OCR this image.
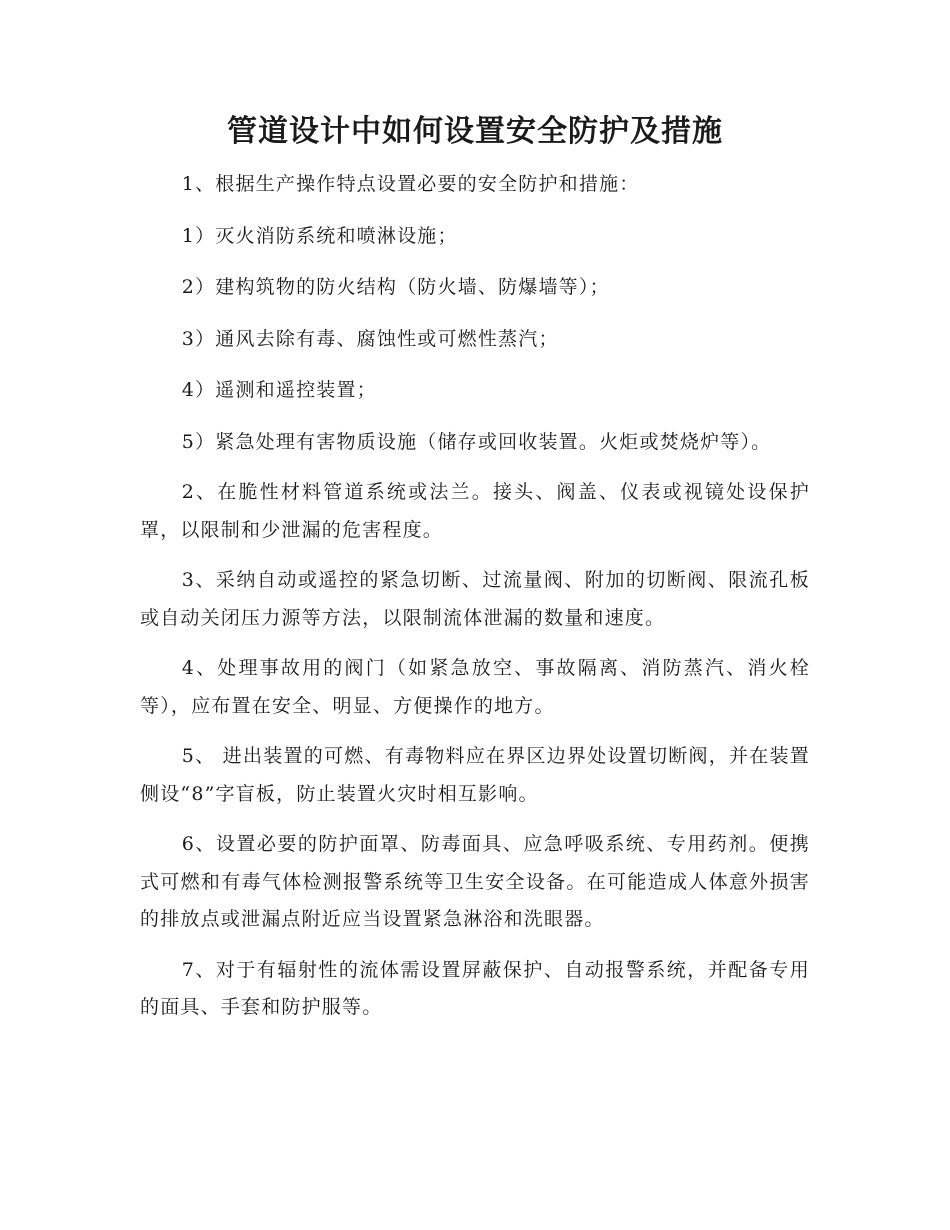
管道设计中如何设置安全防护及措施

1、根据生产操作特点设置必要的安全防护和措施：

1）灭火消防系统和喷淋设施；

2）建构筑物的防火结构（防火墙、防爆墙等）；

3）通风去除有毒、腐蚀性或可燃性蒸汽；

4）遥测和遥控装置；

5）紧急处理有害物质设施（储存或回收装置。火炬或焚烧炉等）。

2、在脆性材料管道系统或法兰。接头、阀盖、仪表或视镜处设保护罩，以限制和少泄漏的危害程度。

3、采纳自动或遥控的紧急切断、过流量阀、附加的切断阀、限流孔板或自动关闭压力源等方法，以限制流体泄漏的数量和速度。

4、处理事故用的阀门（如紧急放空、事故隔离、消防蒸汽、消火栓等），应布置在安全、明显、方便操作的地方。

5、 进出装置的可燃、有毒物料应在界区边界处设置切断阀，并在装置侧设“8”字盲板，防止装置火灾时相互影响。

6、设置必要的防护面罩、防毒面具、应急呼吸系统、专用药剂。便携式可燃和有毒气体检测报警系统等卫生安全设备。在可能造成人体意外损害的排放点或泄漏点附近应当设置紧急淋浴和洗眼器。

7、对于有辐射性的流体需设置屏蔽保护、自动报警系统，并配备专用的面具、手套和防护服等。
